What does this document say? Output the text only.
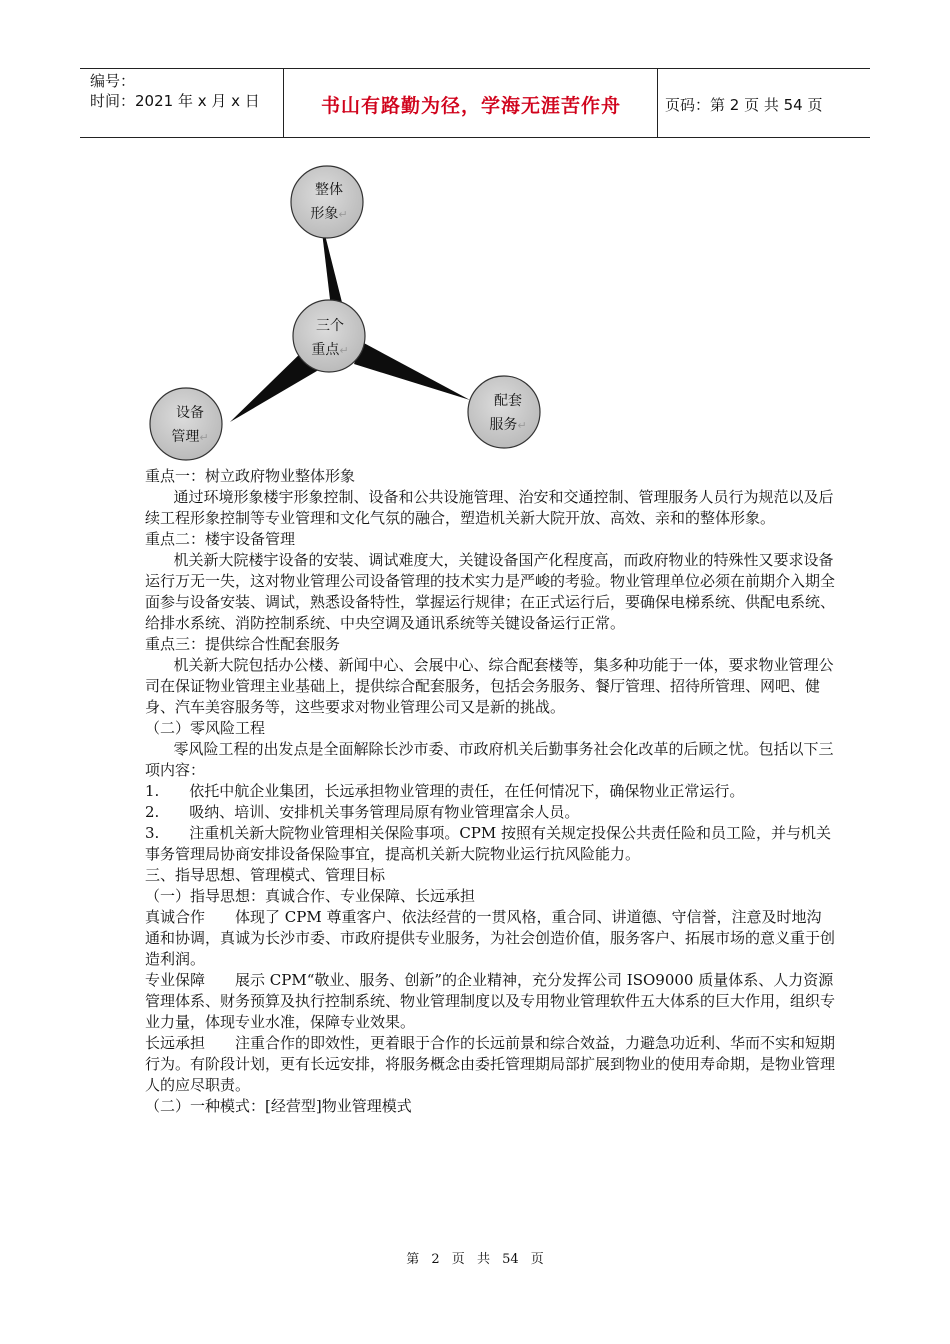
编号：
时间：2021 年 x 月 x 日	书山有路勤为径，学海无涯苦作舟	页码：第 2 页 共 54 页
整体
形象↵
三个
重点↵
设备
管理↵
配套
服务↵

重点一：树立政府物业整体形象

通过环境形象楼宇形象控制、设备和公共设施管理、治安和交通控制、管理服务人员行为规范以及后续工程形象控制等专业管理和文化气氛的融合，塑造机关新大院开放、高效、亲和的整体形象。

重点二：楼宇设备管理

机关新大院楼宇设备的安装、调试难度大，关键设备国产化程度高，而政府物业的特殊性又要求设备运行万无一失，这对物业管理公司设备管理的技术实力是严峻的考验。物业管理单位必须在前期介入期全面参与设备安装、调试，熟悉设备特性，掌握运行规律；在正式运行后，要确保电梯系统、供配电系统、给排水系统、消防控制系统、中央空调及通讯系统等关键设备运行正常。

重点三：提供综合性配套服务

机关新大院包括办公楼、新闻中心、会展中心、综合配套楼等，集多种功能于一体，要求物业管理公司在保证物业管理主业基础上，提供综合配套服务，包括会务服务、餐厅管理、招待所管理、网吧、健身、汽车美容服务等，这些要求对物业管理公司又是新的挑战。

（二）零风险工程

零风险工程的出发点是全面解除长沙市委、市政府机关后勤事务社会化改革的后顾之忧。包括以下三项内容：

1.　　依托中航企业集团，长远承担物业管理的责任，在任何情况下，确保物业正常运行。

2.　　吸纳、培训、安排机关事务管理局原有物业管理富余人员。

3.　　注重机关新大院物业管理相关保险事项。CPM 按照有关规定投保公共责任险和员工险，并与机关事务管理局协商安排设备保险事宜，提高机关新大院物业运行抗风险能力。

三、指导思想、管理模式、管理目标

（一）指导思想：真诚合作、专业保障、长远承担

真诚合作　　体现了 CPM 尊重客户、依法经营的一贯风格，重合同、讲道德、守信誉，注意及时地沟通和协调，真诚为长沙市委、市政府提供专业服务，为社会创造价值，服务客户、拓展市场的意义重于创造利润。

专业保障　　展示 CPM“敬业、服务、创新”的企业精神，充分发挥公司 ISO9000 质量体系、人力资源管理体系、财务预算及执行控制系统、物业管理制度以及专用物业管理软件五大体系的巨大作用，组织专业力量，体现专业水准，保障专业效果。

长远承担　　注重合作的即效性，更着眼于合作的长远前景和综合效益，力避急功近利、华而不实和短期行为。有阶段计划，更有长远安排，将服务概念由委托管理期局部扩展到物业的使用寿命期，是物业管理人的应尽职责。

（二）一种模式：[经营型]物业管理模式

第 2 页 共 54 页
